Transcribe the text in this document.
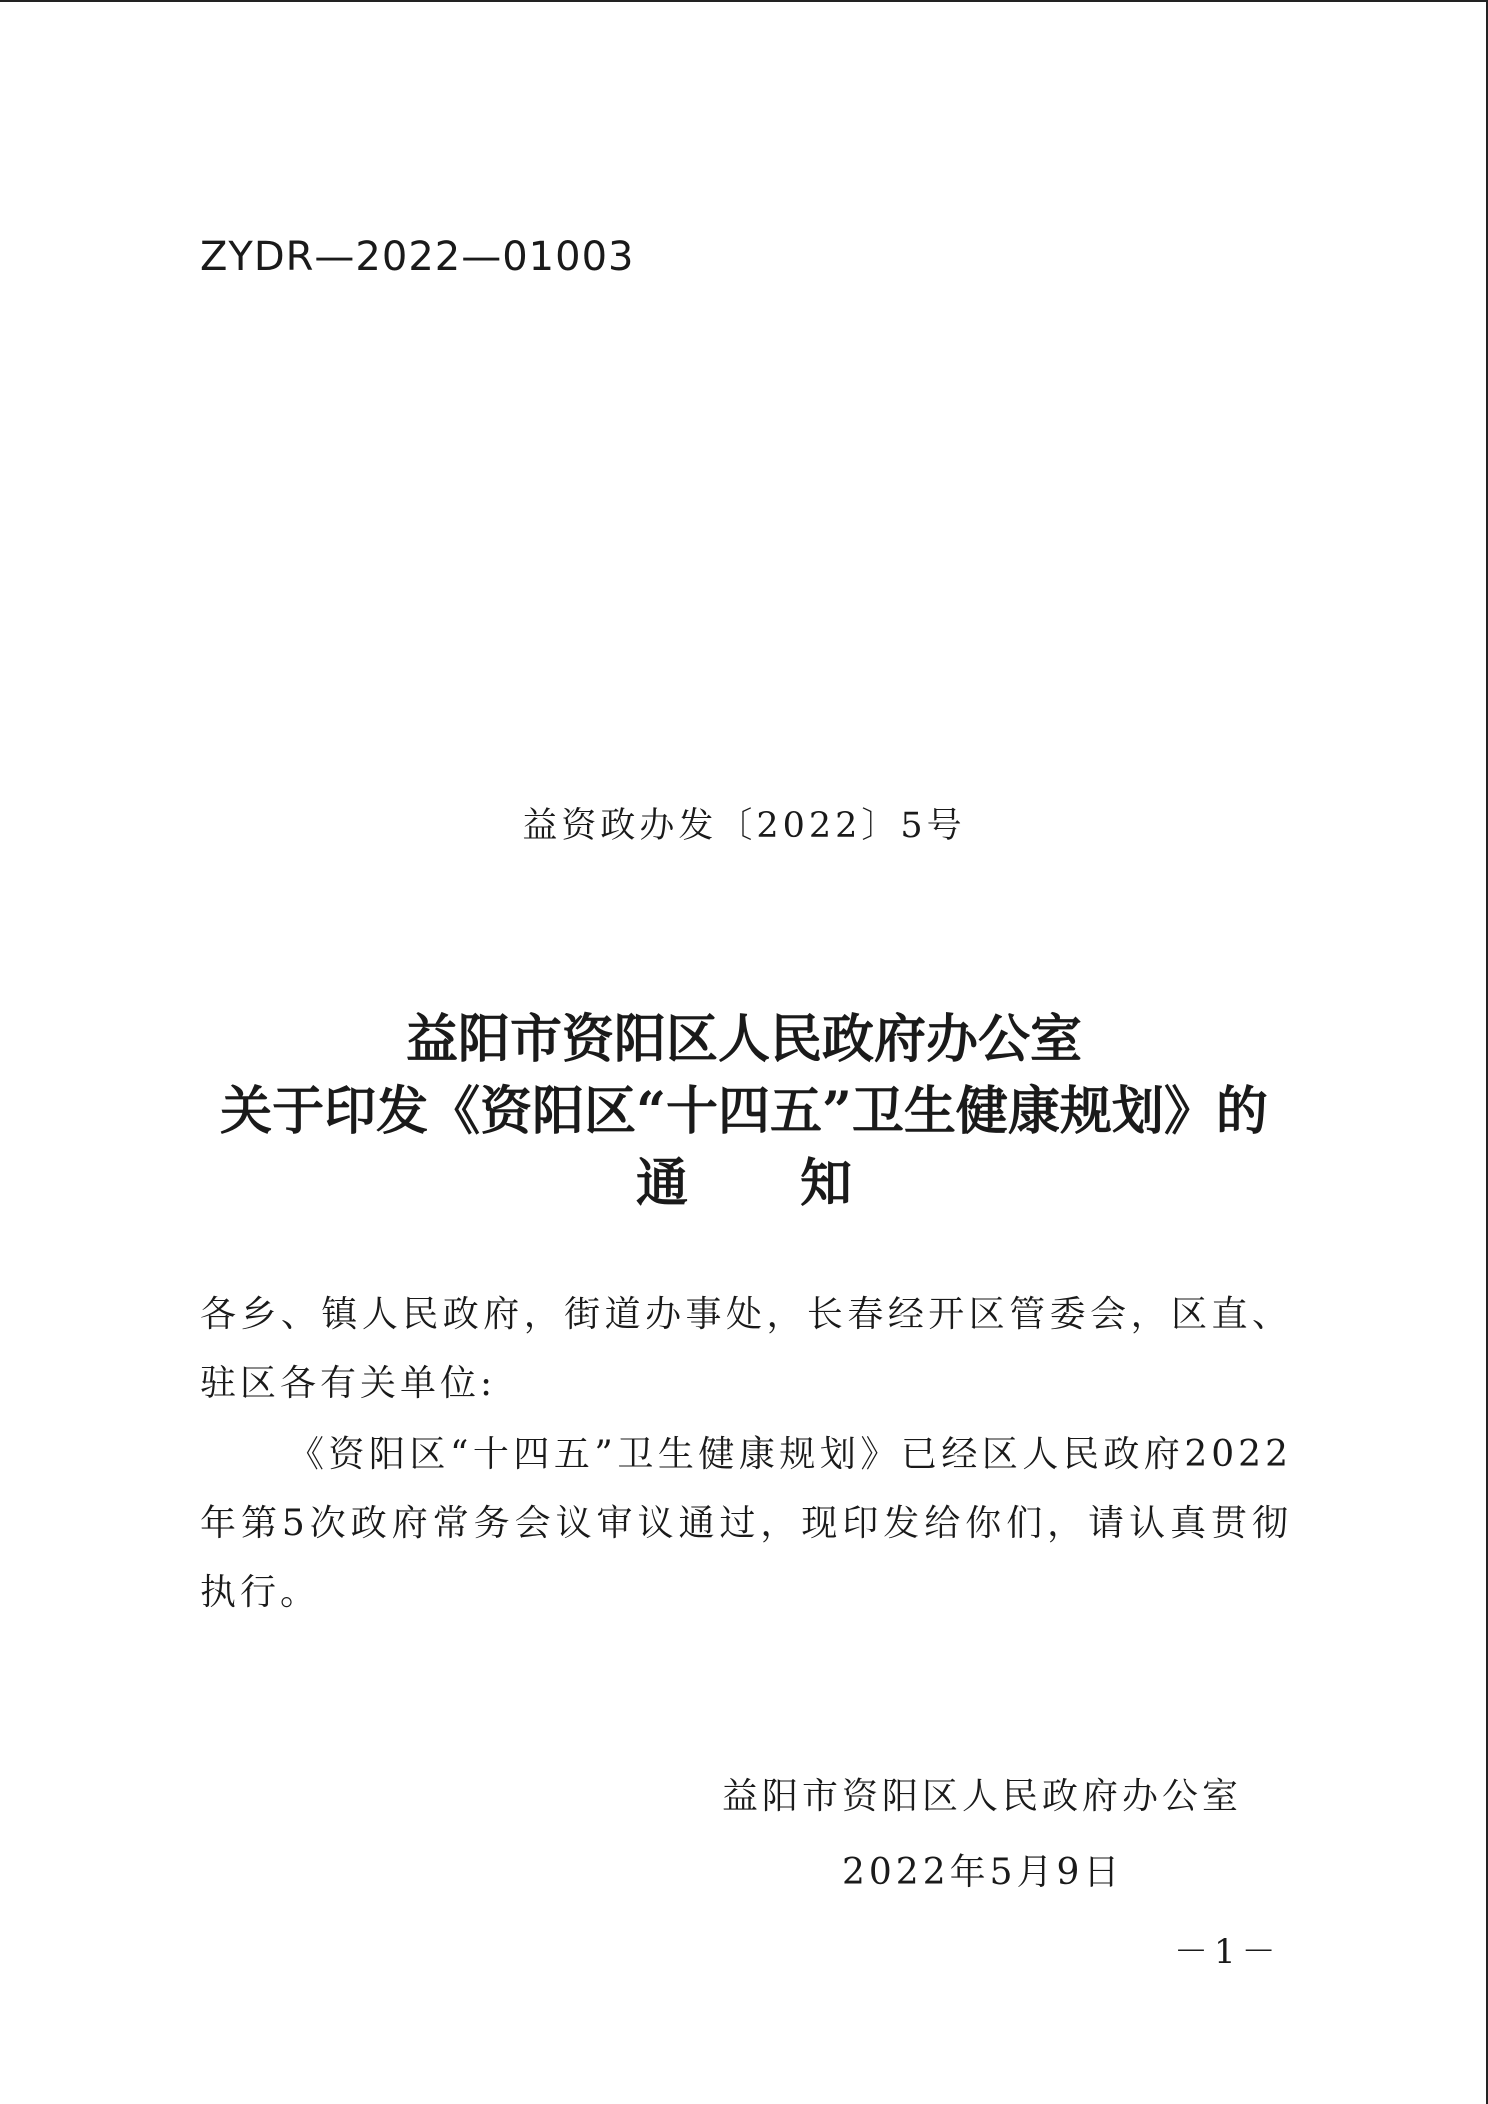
ZYDR—2022—01003
益资政办发〔2022〕5号
益阳市资阳区人民政府办公室
关于印发《资阳区“十四五”卫生健康规划》的
通知
各乡、镇人民政府，街道办事处，长春经开区管委会，区直、驻区各有关单位:
《资阳区“十四五”卫生健康规划》已经区人民政府2022年第5次政府常务会议审议通过，现印发给你们，请认真贯彻执行。
益阳市资阳区人民政府办公室
2022年5月9日
－1－
